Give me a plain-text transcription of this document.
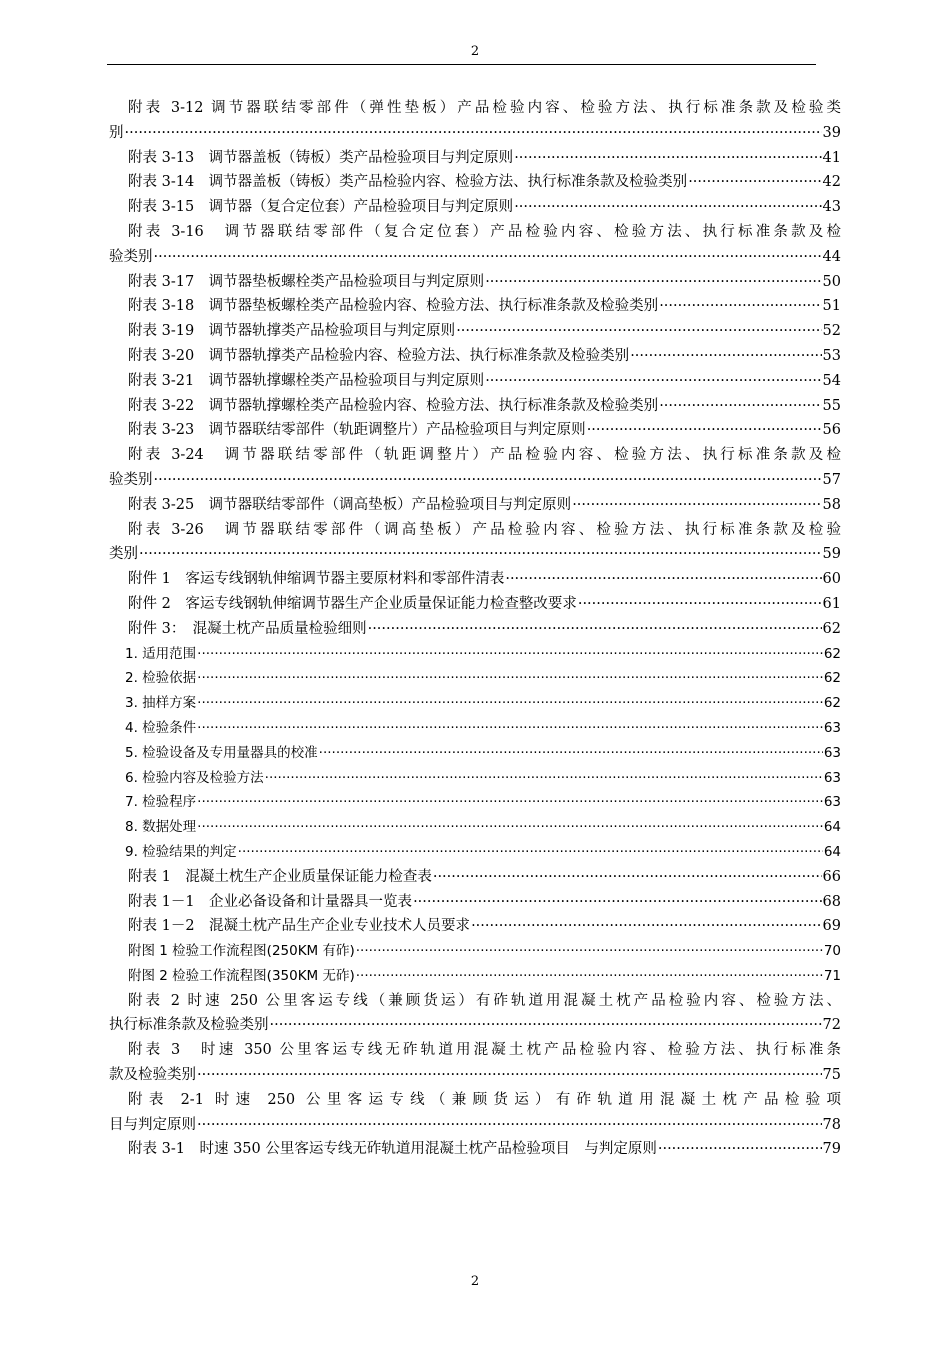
2
附表 3-12 调节器联结零部件（弹性垫板）产品检验内容、检验方法、执行标准条款及检验类
别 ·····	39
附表 3-13　调节器盖板（铸板）类产品检验项目与判定原则 ·····	41
附表 3-14　调节器盖板（铸板）类产品检验内容、检验方法、执行标准条款及检验类别 ·····	42
附表 3-15　调节器（复合定位套）产品检验项目与判定原则 ·····	43
附表 3-16　调节器联结零部件（复合定位套）产品检验内容、检验方法、执行标准条款及检
验类别 ·····	44
附表 3-17　调节器垫板螺栓类产品检验项目与判定原则 ·····	50
附表 3-18　调节器垫板螺栓类产品检验内容、检验方法、执行标准条款及检验类别 ·····	51
附表 3-19　调节器轨撑类产品检验项目与判定原则 ·····	52
附表 3-20　调节器轨撑类产品检验内容、检验方法、执行标准条款及检验类别 ·····	53
附表 3-21　调节器轨撑螺栓类产品检验项目与判定原则 ·····	54
附表 3-22　调节器轨撑螺栓类产品检验内容、检验方法、执行标准条款及检验类别 ·····	55
附表 3-23　调节器联结零部件（轨距调整片）产品检验项目与判定原则 ·····	56
附表 3-24　调节器联结零部件（轨距调整片）产品检验内容、检验方法、执行标准条款及检
验类别 ·····	57
附表 3-25　调节器联结零部件（调高垫板）产品检验项目与判定原则 ·····	58
附表 3-26　调节器联结零部件（调高垫板）产品检验内容、检验方法、执行标准条款及检验
类别 ·····	59
附件 1　客运专线钢轨伸缩调节器主要原材料和零部件清表 ·····	60
附件 2　客运专线钢轨伸缩调节器生产企业质量保证能力检查整改要求 ·····	61
附件 3：　混凝土枕产品质量检验细则 ·····	62
1. 适用范围 ·····	62
2. 检验依据 ·····	62
3. 抽样方案 ·····	62
4. 检验条件 ·····	63
5. 检验设备及专用量器具的校准 ·····	63
6. 检验内容及检验方法 ·····	63
7. 检验程序 ·····	63
8. 数据处理 ·····	64
9. 检验结果的判定 ·····	64
附表 1　混凝土枕生产企业质量保证能力检查表 ·····	66
附表 1－1　企业必备设备和计量器具一览表 ·····	68
附表 1－2　混凝土枕产品生产企业专业技术人员要求 ·····	69
附图 1 检验工作流程图(250KM 有砟) ·····	70
附图 2 检验工作流程图(350KM 无砟) ·····	71
附表 2 时速 250 公里客运专线（兼顾货运）有砟轨道用混凝土枕产品检验内容、检验方法、
执行标准条款及检验类别 ·····	72
附表 3　时速 350 公里客运专线无砟轨道用混凝土枕产品检验内容、检验方法、执行标准条
款及检验类别 ·····	75
附表 2-1 时速 250 公里客运专线（兼顾货运）有砟轨道用混凝土枕产品检验项
目与判定原则 ·····	78
附表 3-1　时速 350 公里客运专线无砟轨道用混凝土枕产品检验项目　与判定原则 ·····	79
2
